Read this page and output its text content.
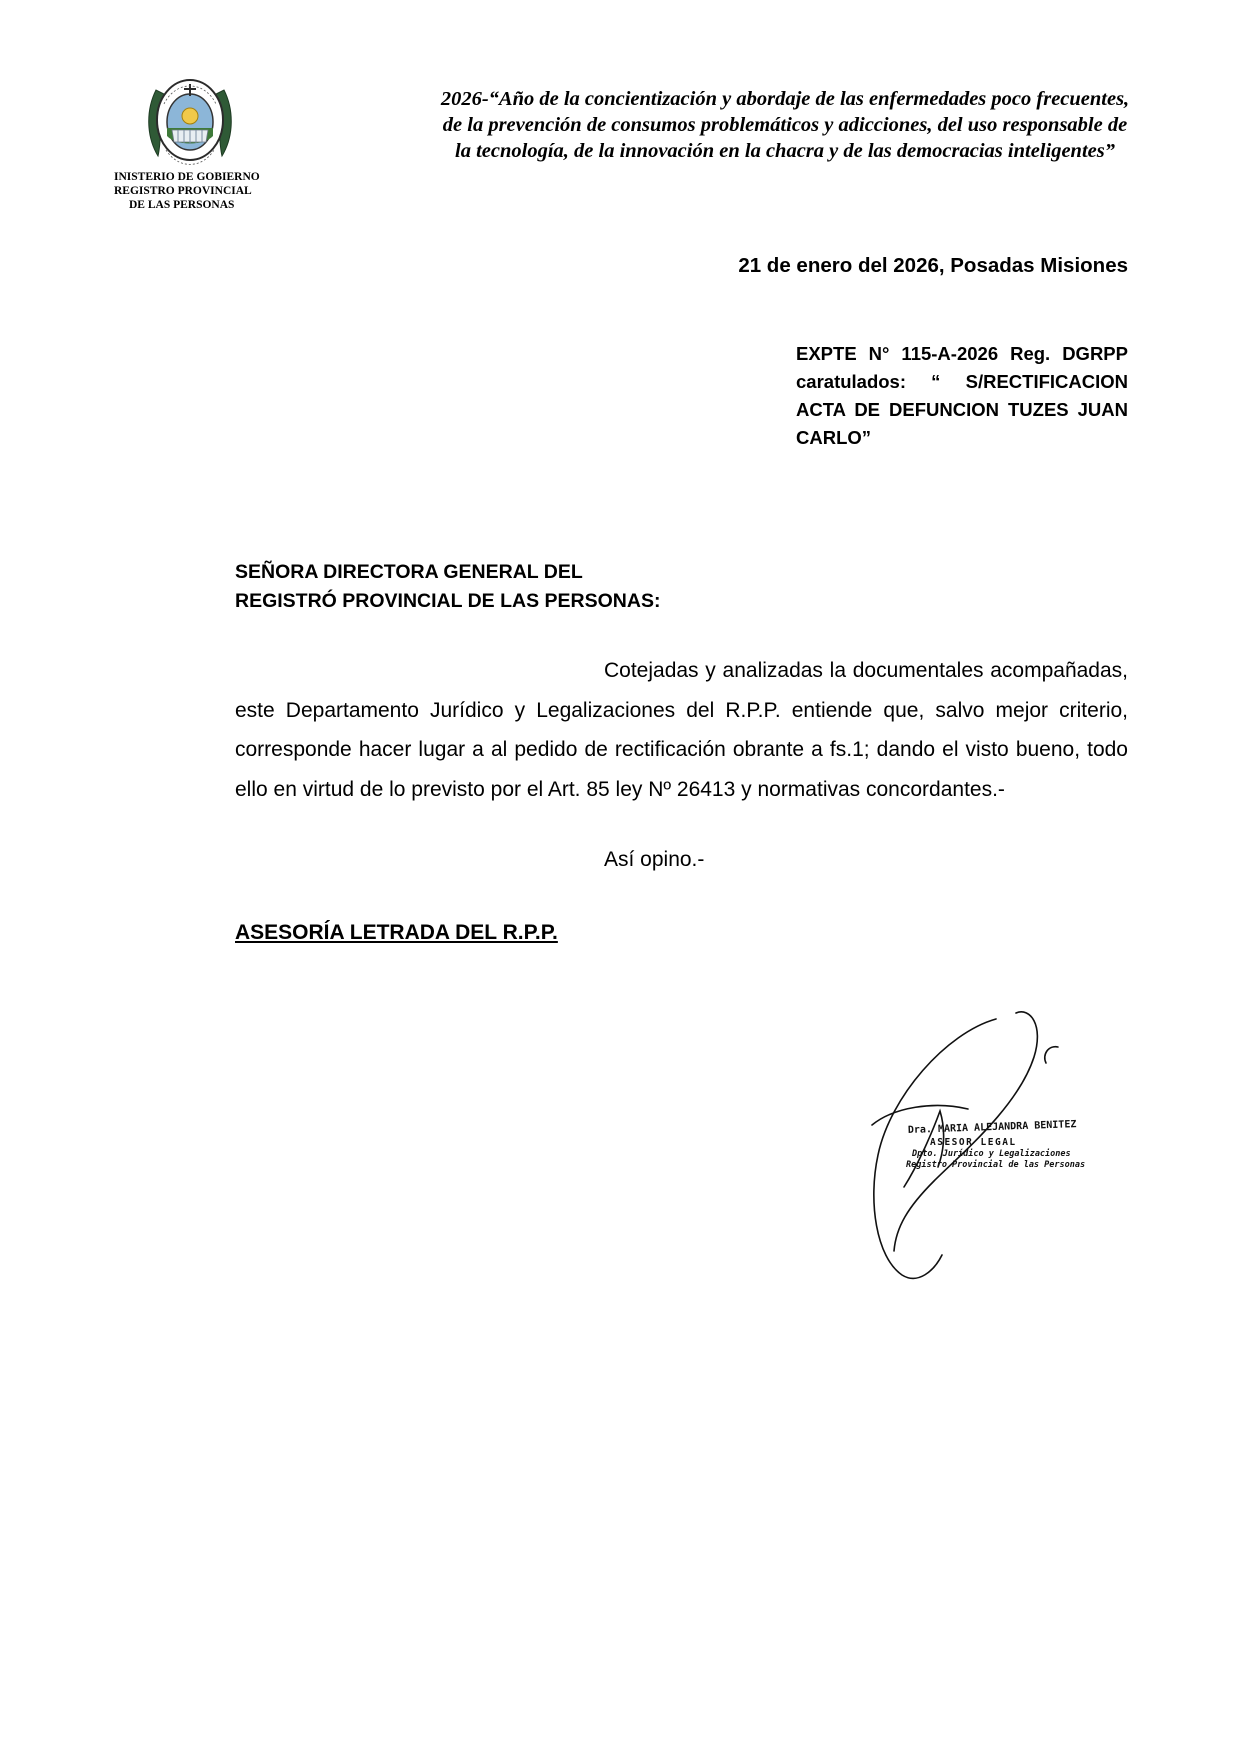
INISTERIO DE GOBIERNO
REGISTRO PROVINCIAL
DE LAS PERSONAS
2026-“Año de la concientización y abordaje de las enfermedades poco frecuentes,
de la prevención de consumos problemáticos y adicciones, del uso responsable de
la tecnología, de la innovación en la chacra y de las democracias inteligentes”
21 de enero del 2026, Posadas Misiones
EXPTE N° 115-A-2026 Reg. DGRPP caratulados: “ S/RECTIFICACION ACTA DE DEFUNCION TUZES JUAN CARLO”
SEÑORA DIRECTORA GENERAL DEL
REGISTRÓ PROVINCIAL DE LAS PERSONAS:
Cotejadas y analizadas la documentales acompañadas, este Departamento Jurídico y Legalizaciones del R.P.P. entiende que, salvo mejor criterio, corresponde hacer lugar a al pedido de rectificación obrante a fs.1; dando el visto bueno, todo ello en virtud de lo previsto por el Art. 85 ley Nº 26413 y normativas concordantes.-
Así opino.-
ASESORÍA LETRADA DEL R.P.P.
Dra. MARIA ALEJANDRA BENITEZ
ASESOR LEGAL
Dpto. Jurídico y Legalizaciones
Registro Provincial de las Personas
